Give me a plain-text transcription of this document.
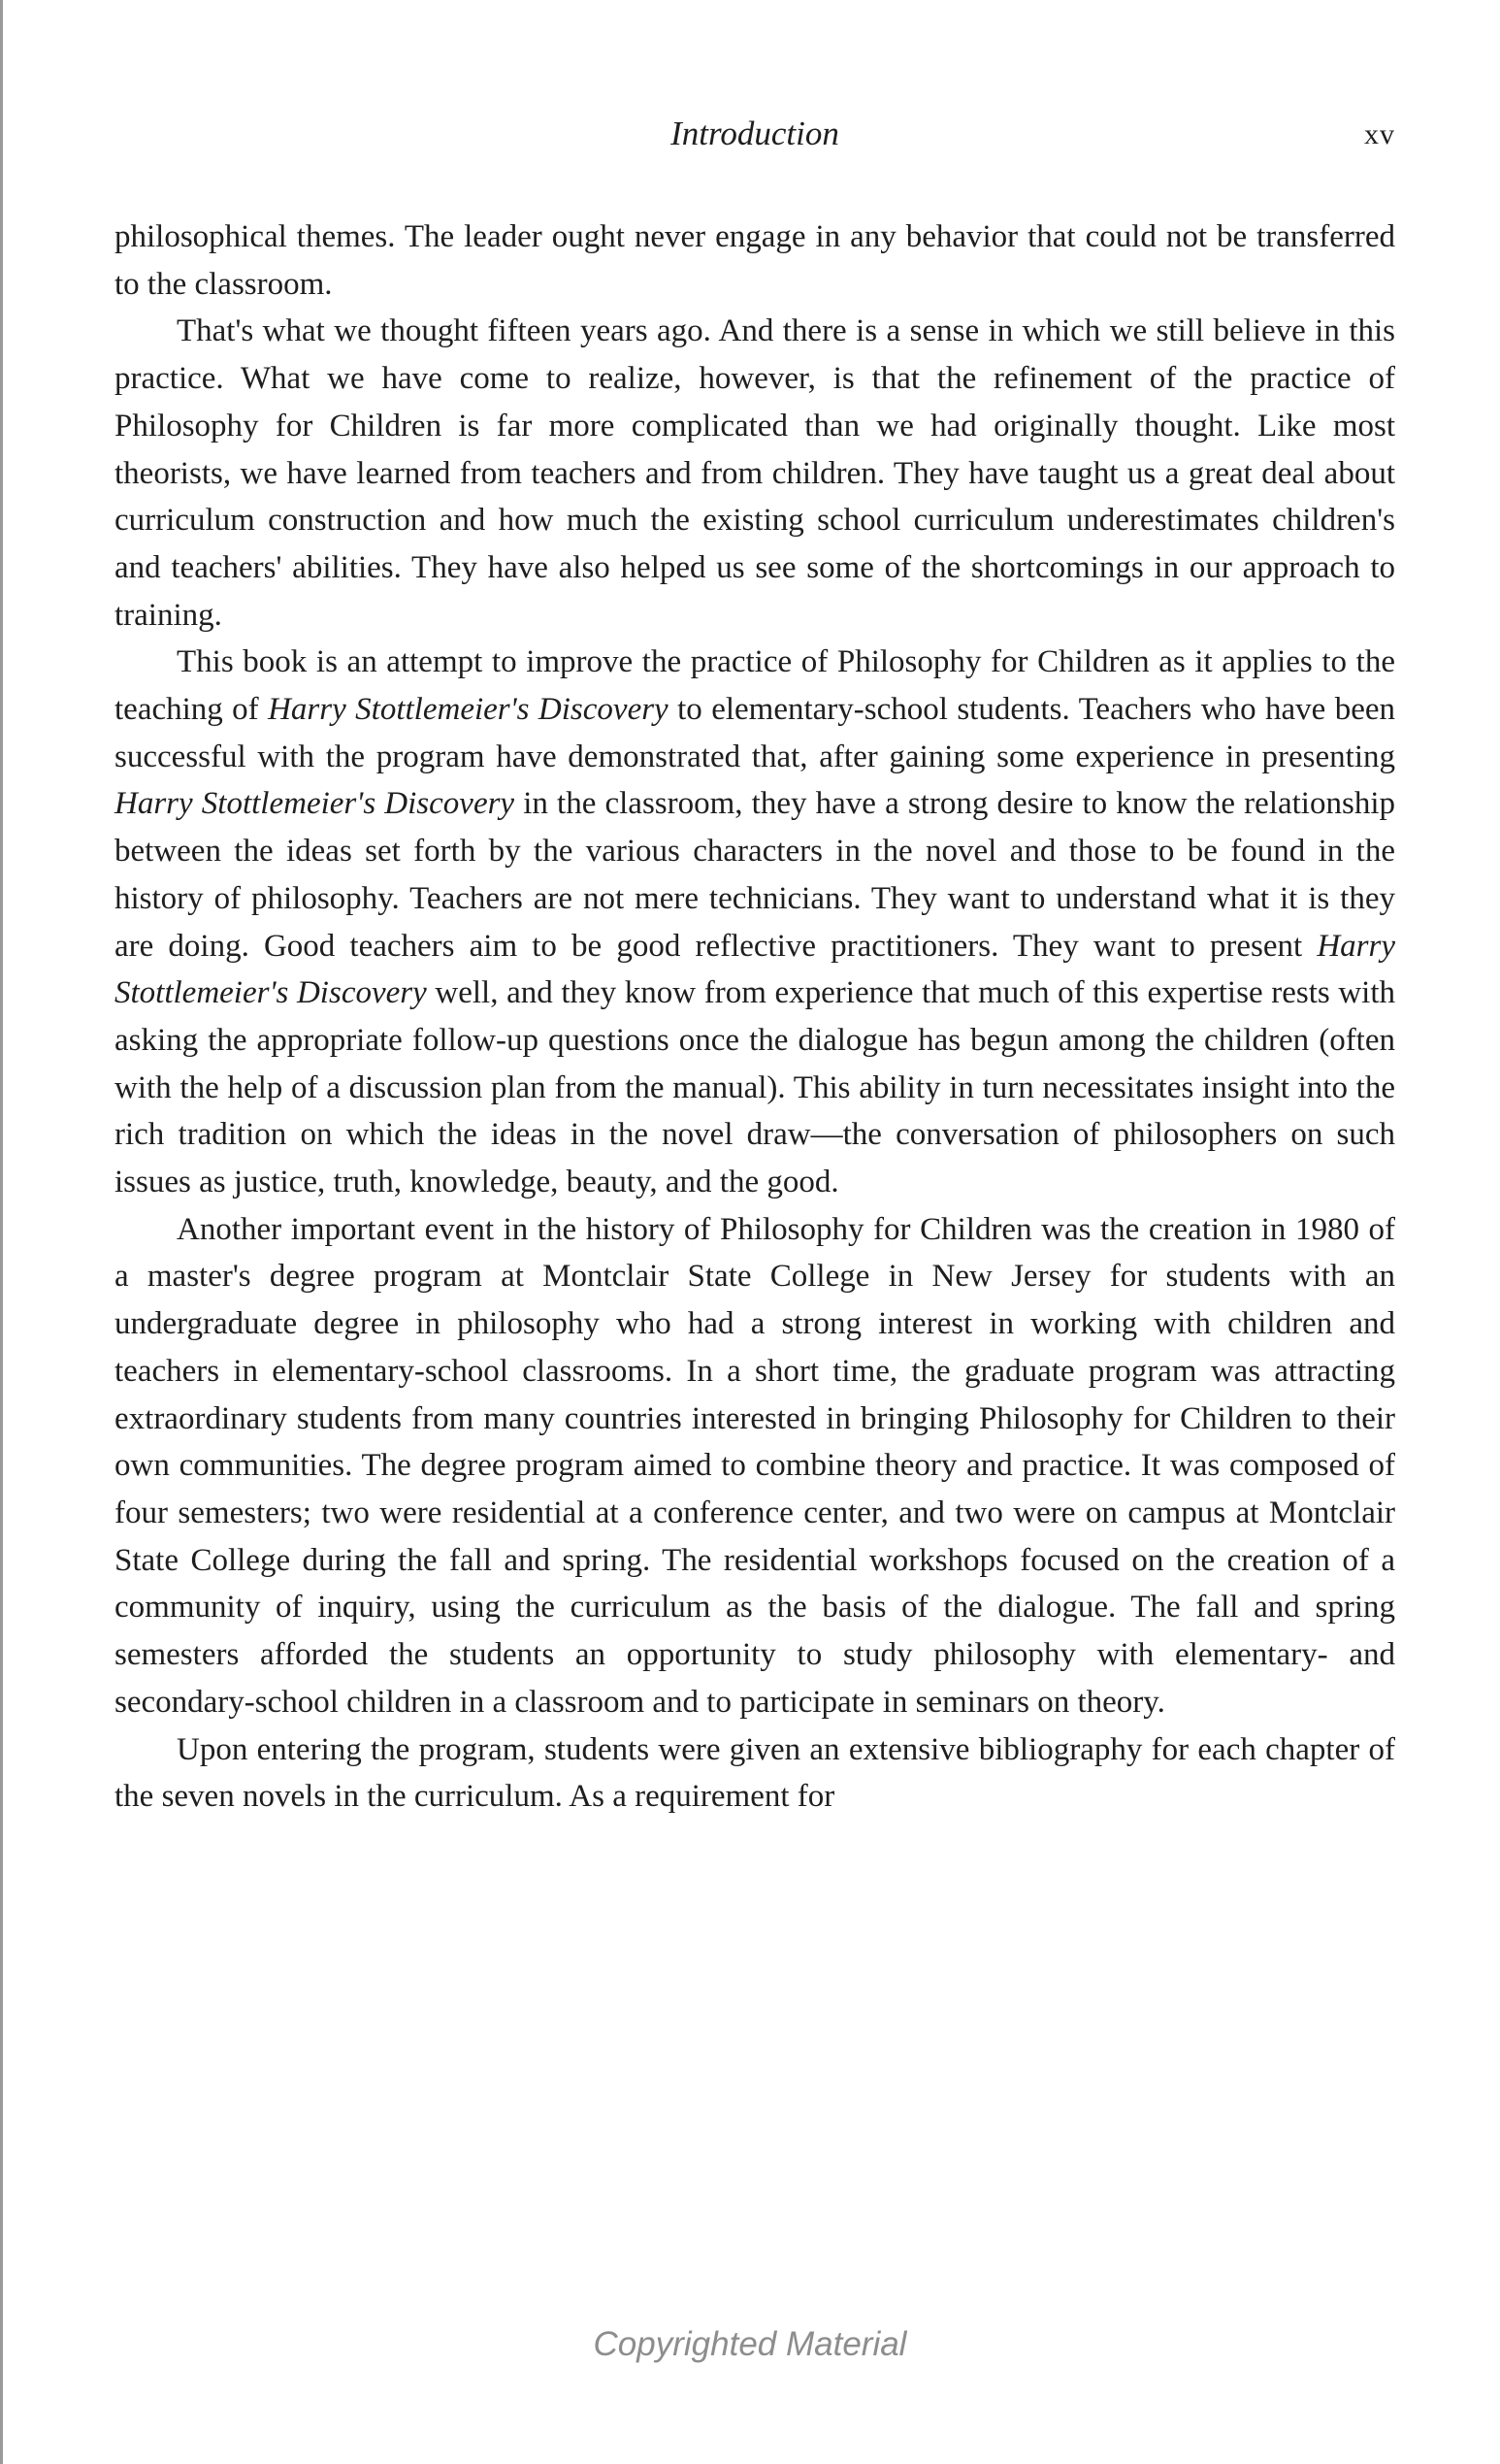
Introduction	xv

philosophical themes. The leader ought never engage in any behavior that could not be transferred to the classroom.

That's what we thought fifteen years ago. And there is a sense in which we still believe in this practice. What we have come to realize, however, is that the refinement of the practice of Philosophy for Children is far more complicated than we had originally thought. Like most theorists, we have learned from teachers and from children. They have taught us a great deal about curriculum construction and how much the existing school curriculum underestimates children's and teachers' abilities. They have also helped us see some of the shortcomings in our approach to training.

This book is an attempt to improve the practice of Philosophy for Children as it applies to the teaching of Harry Stottlemeier's Discovery to elementary-school students. Teachers who have been successful with the program have demonstrated that, after gaining some experience in presenting Harry Stottlemeier's Discovery in the classroom, they have a strong desire to know the relationship between the ideas set forth by the various characters in the novel and those to be found in the history of philosophy. Teachers are not mere technicians. They want to understand what it is they are doing. Good teachers aim to be good reflective practitioners. They want to present Harry Stottlemeier's Discovery well, and they know from experience that much of this expertise rests with asking the appropriate follow-up questions once the dialogue has begun among the children (often with the help of a discussion plan from the manual). This ability in turn necessitates insight into the rich tradition on which the ideas in the novel draw—the conversation of philosophers on such issues as justice, truth, knowledge, beauty, and the good.

Another important event in the history of Philosophy for Children was the creation in 1980 of a master's degree program at Montclair State College in New Jersey for students with an undergraduate degree in philosophy who had a strong interest in working with children and teachers in elementary-school classrooms. In a short time, the graduate program was attracting extraordinary students from many countries interested in bringing Philosophy for Children to their own communities. The degree program aimed to combine theory and practice. It was composed of four semesters; two were residential at a conference center, and two were on campus at Montclair State College during the fall and spring. The residential workshops focused on the creation of a community of inquiry, using the curriculum as the basis of the dialogue. The fall and spring semesters afforded the students an opportunity to study philosophy with elementary- and secondary-school children in a classroom and to participate in seminars on theory.

Upon entering the program, students were given an extensive bibliography for each chapter of the seven novels in the curriculum. As a requirement for

Copyrighted Material
